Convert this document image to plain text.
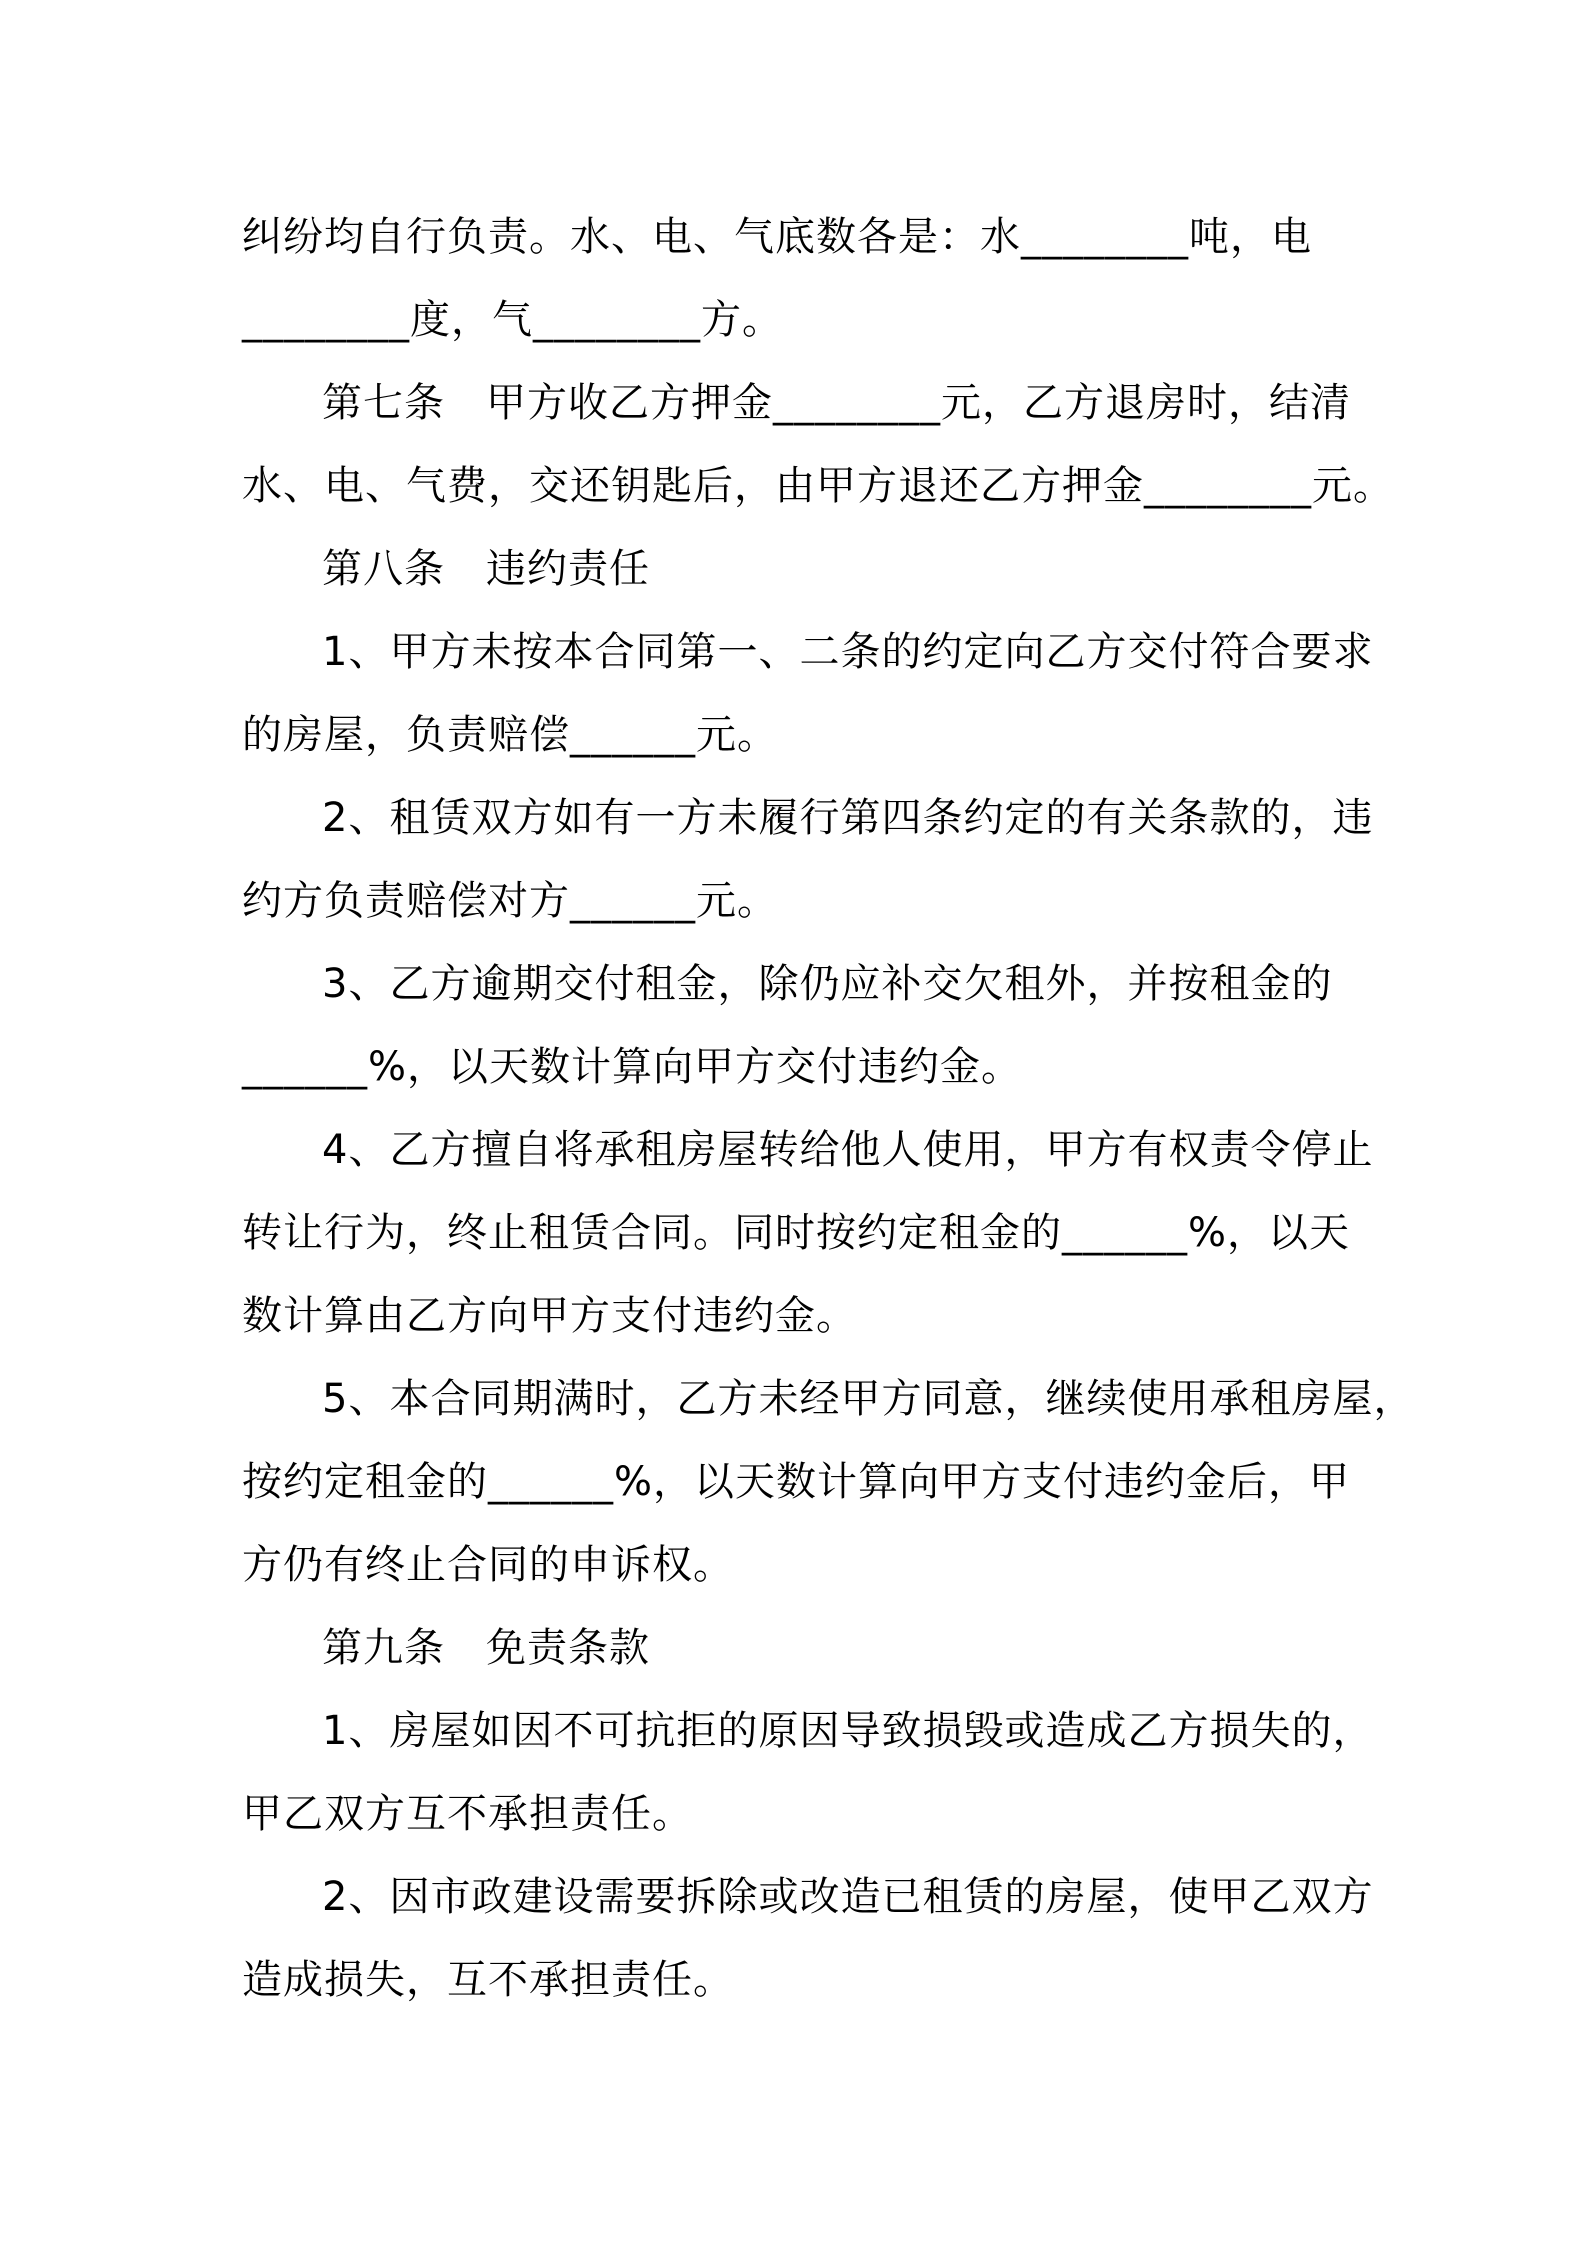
纠纷均自行负责。水、电、气底数各是：水________吨，电

________度，气________方。

第七条　甲方收乙方押金________元，乙方退房时，结清

水、电、气费，交还钥匙后，由甲方退还乙方押金________元。

第八条　违约责任

1、甲方未按本合同第一、二条的约定向乙方交付符合要求

的房屋，负责赔偿______元。

2、租赁双方如有一方未履行第四条约定的有关条款的，违

约方负责赔偿对方______元。

3、乙方逾期交付租金，除仍应补交欠租外，并按租金的

______%，以天数计算向甲方交付违约金。

4、乙方擅自将承租房屋转给他人使用，甲方有权责令停止

转让行为，终止租赁合同。同时按约定租金的______%，以天

数计算由乙方向甲方支付违约金。

5、本合同期满时，乙方未经甲方同意，继续使用承租房屋，

按约定租金的______%，以天数计算向甲方支付违约金后，甲

方仍有终止合同的申诉权。

第九条　免责条款

1、房屋如因不可抗拒的原因导致损毁或造成乙方损失的，

甲乙双方互不承担责任。

2、因市政建设需要拆除或改造已租赁的房屋，使甲乙双方

造成损失，互不承担责任。
